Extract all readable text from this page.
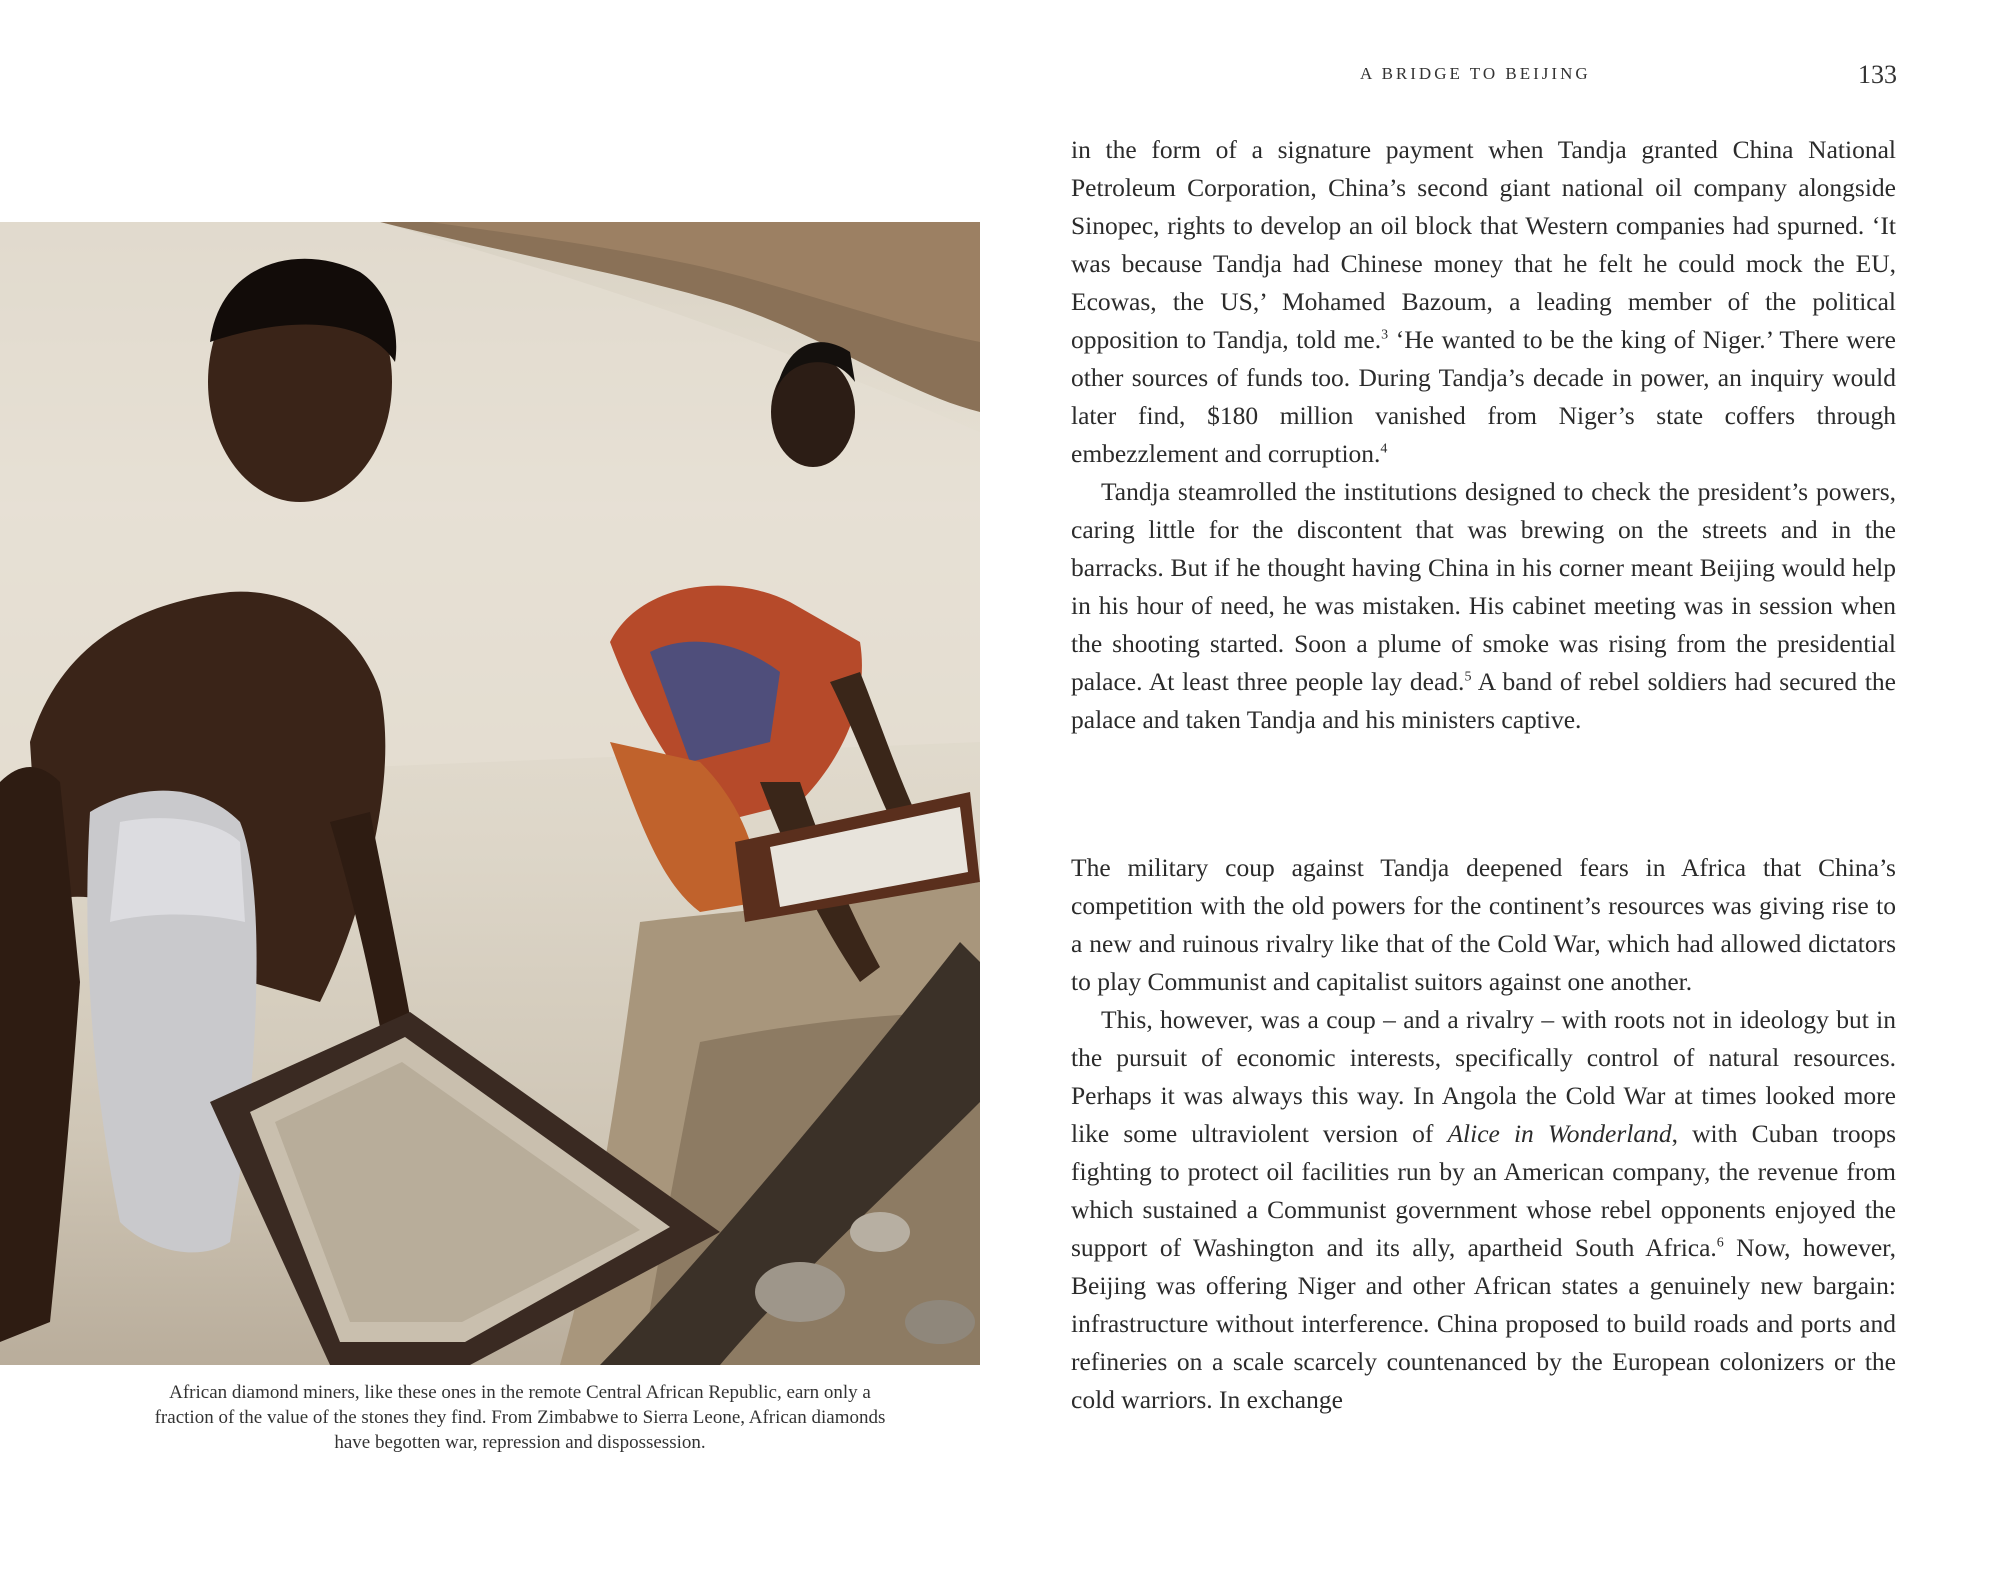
African diamond miners, like these ones in the remote Central African Republic, earn only a fraction of the value of the stones they find. From Zimbabwe to Sierra Leone, African diamonds have begotten war, repression and dispossession.
A BRIDGE TO BEIJING	133

in the form of a signature payment when Tandja granted China National Petroleum Corporation, China’s second giant national oil company alongside Sinopec, rights to develop an oil block that Western companies had spurned. ‘It was because Tandja had Chinese money that he felt he could mock the EU, Ecowas, the US,’ Mohamed Bazoum, a leading member of the political opposition to Tandja, told me.$^3$ ‘He wanted to be the king of Niger.’ There were other sources of funds too. During Tandja’s decade in power, an inquiry would later find, $180 million vanished from Niger’s state coffers through embezzlement and corruption.$^4$

Tandja steamrolled the institutions designed to check the president’s powers, caring little for the discontent that was brewing on the streets and in the barracks. But if he thought having China in his corner meant Beijing would help in his hour of need, he was mistaken. His cabinet meeting was in session when the shooting started. Soon a plume of smoke was rising from the presidential palace. At least three people lay dead.$^5$ A band of rebel soldiers had secured the palace and taken Tandja and his ministers captive.

The military coup against Tandja deepened fears in Africa that China’s competition with the old powers for the continent’s resources was giving rise to a new and ruinous rivalry like that of the Cold War, which had allowed dictators to play Communist and capitalist suitors against one another.

This, however, was a coup – and a rivalry – with roots not in ideology but in the pursuit of economic interests, specifically control of natural resources. Perhaps it was always this way. In Angola the Cold War at times looked more like some ultraviolent version of Alice in Wonderland, with Cuban troops fighting to protect oil facilities run by an American company, the revenue from which sustained a Communist government whose rebel opponents enjoyed the support of Washington and its ally, apartheid South Africa.$^6$ Now, however, Beijing was offering Niger and other African states a genuinely new bargain: infrastructure without interference. China proposed to build roads and ports and refineries on a scale scarcely countenanced by the European colonizers or the cold warriors. In exchange
